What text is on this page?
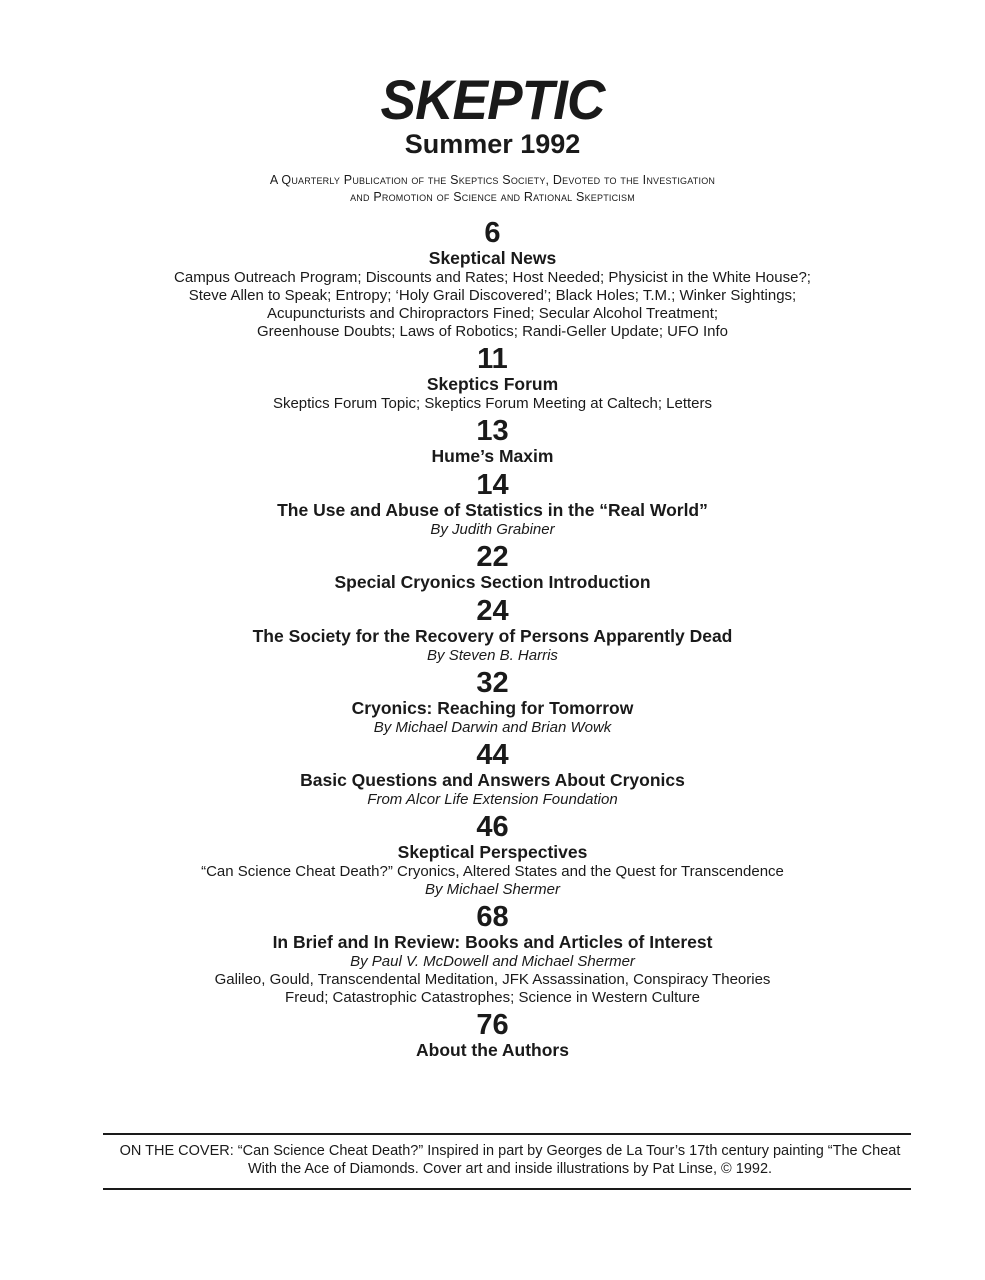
SKEPTIC
Summer 1992
A Quarterly Publication of the Skeptics Society, Devoted to the Investigation
and Promotion of Science and Rational Skepticism
6
Skeptical News
Campus Outreach Program; Discounts and Rates; Host Needed; Physicist in the White House?;
Steve Allen to Speak; Entropy; ‘Holy Grail Discovered’; Black Holes; T.M.; Winker Sightings;
Acupuncturists and Chiropractors Fined; Secular Alcohol Treatment;
Greenhouse Doubts; Laws of Robotics; Randi-Geller Update; UFO Info
11
Skeptics Forum
Skeptics Forum Topic; Skeptics Forum Meeting at Caltech; Letters
13
Hume’s Maxim
14
The Use and Abuse of Statistics in the “Real World”
By Judith Grabiner
22
Special Cryonics Section Introduction
24
The Society for the Recovery of Persons Apparently Dead
By Steven B. Harris
32
Cryonics: Reaching for Tomorrow
By Michael Darwin and Brian Wowk
44
Basic Questions and Answers About Cryonics
From Alcor Life Extension Foundation
46
Skeptical Perspectives
“Can Science Cheat Death?” Cryonics, Altered States and the Quest for Transcendence
By Michael Shermer
68
In Brief and In Review: Books and Articles of Interest
By Paul V. McDowell and Michael Shermer
Galileo, Gould, Transcendental Meditation, JFK Assassination, Conspiracy Theories
Freud; Catastrophic Catastrophes; Science in Western Culture
76
About the Authors
ON THE COVER: “Can Science Cheat Death?” Inspired in part by Georges de La Tour’s 17th century painting “The Cheat With the Ace of Diamonds. Cover art and inside illustrations by Pat Linse, © 1992.
